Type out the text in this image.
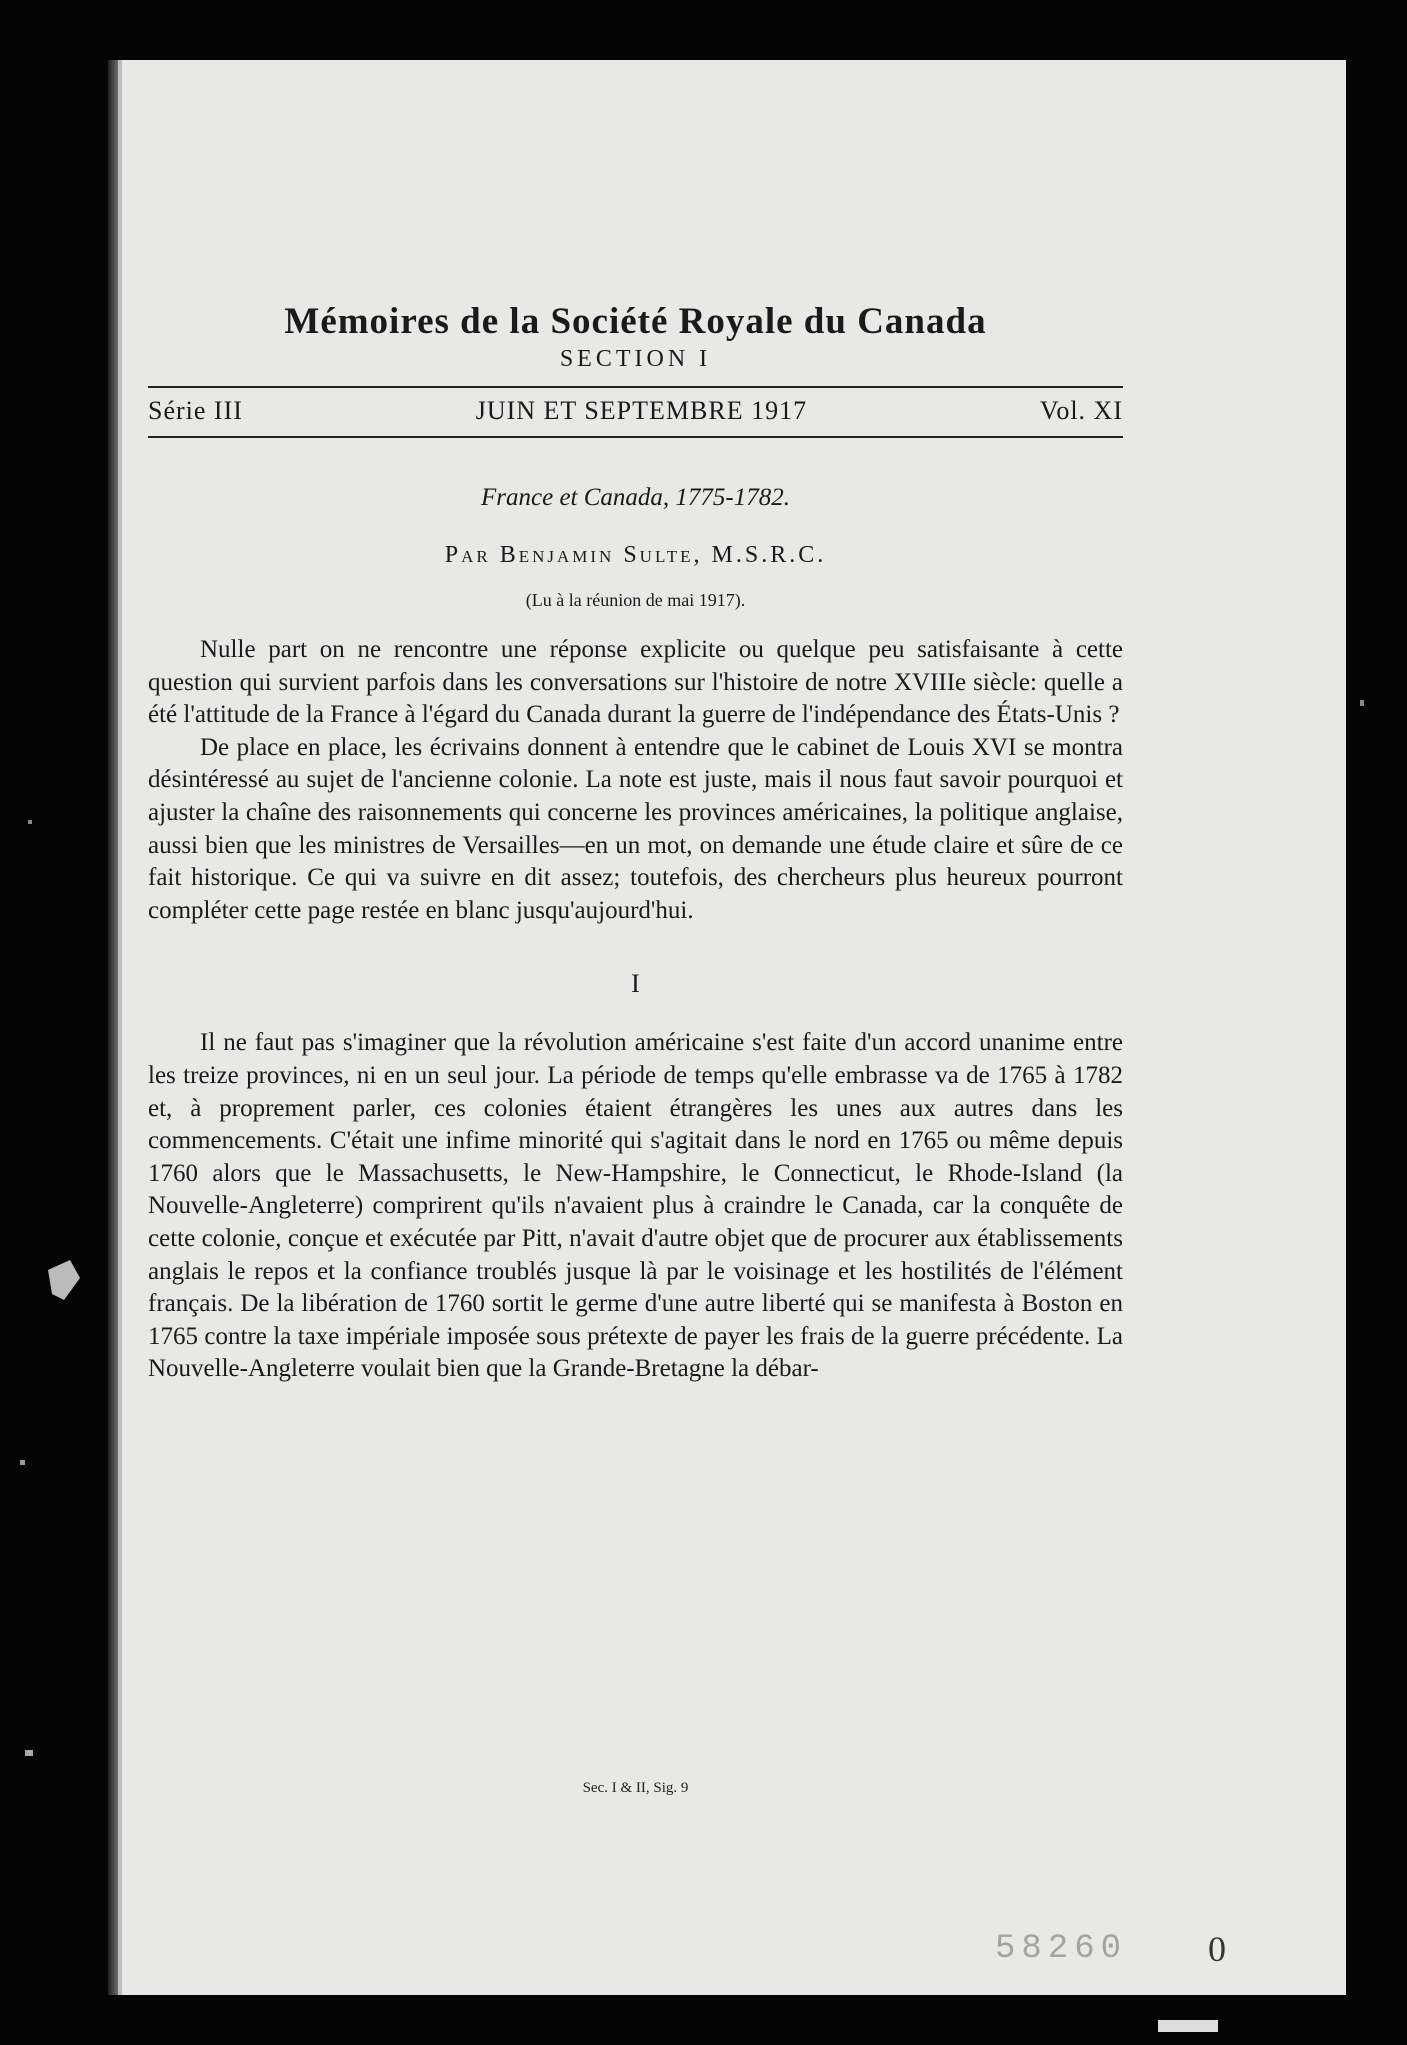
Mémoires de la Société Royale du Canada
SECTION I
Série III	JUIN ET SEPTEMBRE 1917	Vol. XI
France et Canada, 1775-1782.
Par Benjamin Sulte, M.S.R.C.
(Lu à la réunion de mai 1917).

Nulle part on ne rencontre une réponse explicite ou quelque peu satisfaisante à cette question qui survient parfois dans les conversations sur l'histoire de notre XVIIIe siècle: quelle a été l'attitude de la France à l'égard du Canada durant la guerre de l'indépendance des États-Unis ?

De place en place, les écrivains donnent à entendre que le cabinet de Louis XVI se montra désintéressé au sujet de l'ancienne colonie. La note est juste, mais il nous faut savoir pourquoi et ajuster la chaîne des raisonnements qui concerne les provinces américaines, la politique anglaise, aussi bien que les ministres de Versailles—en un mot, on demande une étude claire et sûre de ce fait historique. Ce qui va suivre en dit assez; toutefois, des chercheurs plus heureux pourront compléter cette page restée en blanc jusqu'aujourd'hui.

I

Il ne faut pas s'imaginer que la révolution américaine s'est faite d'un accord unanime entre les treize provinces, ni en un seul jour. La période de temps qu'elle embrasse va de 1765 à 1782 et, à proprement parler, ces colonies étaient étrangères les unes aux autres dans les commencements. C'était une infime minorité qui s'agitait dans le nord en 1765 ou même depuis 1760 alors que le Massachusetts, le New-Hampshire, le Connecticut, le Rhode-Island (la Nouvelle-Angleterre) comprirent qu'ils n'avaient plus à craindre le Canada, car la conquête de cette colonie, conçue et exécutée par Pitt, n'avait d'autre objet que de procurer aux établissements anglais le repos et la confiance troublés jusque là par le voisinage et les hostilités de l'élément français. De la libération de 1760 sortit le germe d'une autre liberté qui se manifesta à Boston en 1765 contre la taxe impériale imposée sous prétexte de payer les frais de la guerre précédente. La Nouvelle-Angleterre voulait bien que la Grande-Bretagne la débar-

Sec. I & II, Sig. 9
58260 0
